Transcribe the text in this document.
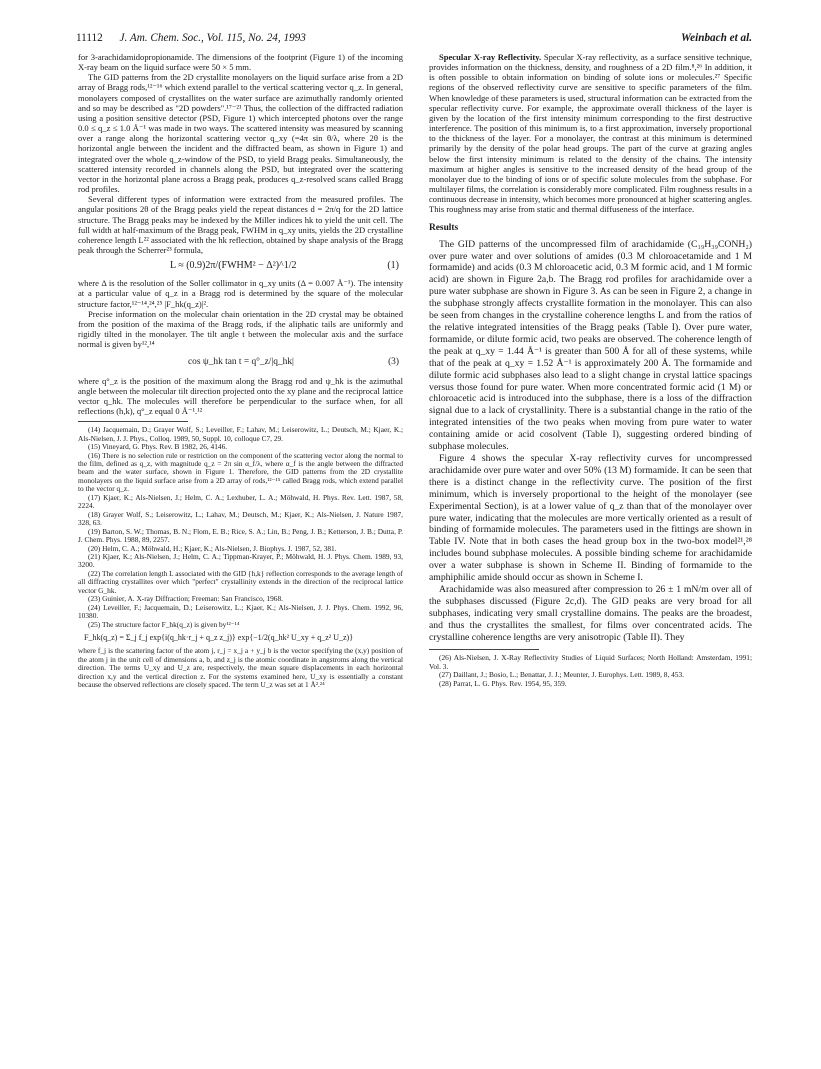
11112 J. Am. Chem. Soc., Vol. 115, No. 24, 1993	Weinbach et al.

for 3-arachidamidopropionamide. The dimensions of the footprint (Figure 1) of the incoming X-ray beam on the liquid surface were 50 × 5 mm.

The GID patterns from the 2D crystallite monolayers on the liquid surface arise from a 2D array of Bragg rods,¹²⁻¹⁶ which extend parallel to the vertical scattering vector q_z. In general, monolayers composed of crystallites on the water surface are azimuthally randomly oriented and so may be described as "2D powders".¹⁷⁻²¹ Thus, the collection of the diffracted radiation using a position sensitive detector (PSD, Figure 1) which intercepted photons over the range 0.0 ≤ q_z ≤ 1.0 Å⁻¹ was made in two ways. The scattered intensity was measured by scanning over a range along the horizontal scattering vector q_xy (=4π sin θ/λ, where 2θ is the horizontal angle between the incident and the diffracted beam, as shown in Figure 1) and integrated over the whole q_z-window of the PSD, to yield Bragg peaks. Simultaneously, the scattered intensity recorded in channels along the PSD, but integrated over the scattering vector in the horizontal plane across a Bragg peak, produces q_z-resolved scans called Bragg rod profiles.

Several different types of information were extracted from the measured profiles. The angular positions 2θ of the Bragg peaks yield the repeat distances d = 2π/q for the 2D lattice structure. The Bragg peaks may be indexed by the Miller indices hk to yield the unit cell. The full width at half-maximum of the Bragg peak, FWHM in q_xy units, yields the 2D crystalline coherence length L²² associated with the hk reflection, obtained by shape analysis of the Bragg peak through the Scherrer²³ formula,

L ≈ (0.9)2π/(FWHM² − Δ²)^1/2	(1)

where Δ is the resolution of the Soller collimator in q_xy units (Δ = 0.007 Å⁻¹). The intensity at a particular value of q_z in a Bragg rod is determined by the square of the molecular structure factor,¹²⁻¹⁴,²⁴,²⁵ |F_hk(q_z)|².

Precise information on the molecular chain orientation in the 2D crystal may be obtained from the position of the maxima of the Bragg rods, if the aliphatic tails are uniformly and rigidly tilted in the monolayer. The tilt angle t between the molecular axis and the surface normal is given by¹²,¹⁴

cos ψ_hk tan t = q°_z/|q_hk|	(3)

where q°_z is the position of the maximum along the Bragg rod and ψ_hk is the azimuthal angle between the molecular tilt direction projected onto the xy plane and the reciprocal lattice vector q_hk. The molecules will therefore be perpendicular to the surface when, for all reflections (h,k), q°_z equal 0 Å⁻¹.¹²

(14) Jacquemain, D.; Grayer Wolf, S.; Leveiller, F.; Lahav, M.; Leiserowitz, L.; Deutsch, M.; Kjaer, K.; Als-Nielsen, J. J. Phys., Colloq. 1989, 50, Suppl. 10, colloque C7, 29.

(15) Vineyard, G. Phys. Rev. B 1982, 26, 4146.

(16) There is no selection rule or restriction on the component of the scattering vector along the normal to the film, defined as q_z, with magnitude q_z = 2π sin α_f/λ, where α_f is the angle between the diffracted beam and the water surface, shown in Figure 1. Therefore, the GID patterns from the 2D crystallite monolayers on the liquid surface arise from a 2D array of rods,¹²⁻¹⁵ called Bragg rods, which extend parallel to the vector q_z.

(17) Kjaer, K.; Als-Nielsen, J.; Helm, C. A.; Lexhuber, L. A.; Möhwald, H. Phys. Rev. Lett. 1987, 58, 2224.

(18) Grayer Wolf, S.; Leiserowitz, L.; Lahav, M.; Deutsch, M.; Kjaer, K.; Als-Nielsen, J. Nature 1987, 328, 63.

(19) Barton, S. W.; Thomas, B. N.; Flom, E. B.; Rice, S. A.; Lin, B.; Peng, J. B.; Ketterson, J. B.; Dutta, P. J. Chem. Phys. 1988, 89, 2257.

(20) Helm, C. A.; Möhwald, H.; Kjaer, K.; Als-Nielsen, J. Biophys. J. 1987, 52, 381.

(21) Kjaer, K.; Als-Nielsen, J.; Helm, C. A.; Tippman-Krayer, P.; Möhwald, H. J. Phys. Chem. 1989, 93, 3200.

(22) The correlation length L associated with the GID {h,k} reflection corresponds to the average length of all diffracting crystallites over which "perfect" crystallinity extends in the direction of the reciprocal lattice vector G_hk.

(23) Guinier, A. X-ray Diffraction; Freeman: San Francisco, 1968.

(24) Leveiller, F.; Jacquemain, D.; Leiserowitz, L.; Kjaer, K.; Als-Nielsen, J. J. Phys. Chem. 1992, 96, 10380.

(25) The structure factor F_hk(q_z) is given by¹²⁻¹⁴

F_hk(q_z) = Σ_j f_j exp{i(q_hk·r_j + q_z z_j)} exp{−1/2(q_hk² U_xy + q_z² U_z)}

where f_j is the scattering factor of the atom j, r_j = x_j a + y_j b is the vector specifying the (x,y) position of the atom j in the unit cell of dimensions a, b, and z_j is the atomic coordinate in angstroms along the vertical direction. The terms U_xy and U_z are, respectively, the mean square displacements in each horizontal direction x,y and the vertical direction z. For the systems examined here, U_xy is essentially a constant because the observed reflections are closely spaced. The term U_z was set at 1 Å².²⁴

Specular X-ray Reflectivity. Specular X-ray reflectivity, as a surface sensitive technique, provides information on the thickness, density, and roughness of a 2D film.⁸,²⁶ In addition, it is often possible to obtain information on binding of solute ions or molecules.²⁷ Specific regions of the observed reflectivity curve are sensitive to specific parameters of the film. When knowledge of these parameters is used, structural information can be extracted from the specular reflectivity curve. For example, the approximate overall thickness of the layer is given by the location of the first intensity minimum corresponding to the first destructive interference. The position of this minimum is, to a first approximation, inversely proportional to the thickness of the layer. For a monolayer, the contrast at this minimum is determined primarily by the density of the polar head groups. The part of the curve at grazing angles below the first intensity minimum is related to the density of the chains. The intensity maximum at higher angles is sensitive to the increased density of the head group of the monolayer due to the binding of ions or of specific solute molecules from the subphase. For multilayer films, the correlation is considerably more complicated. Film roughness results in a continuous decrease in intensity, which becomes more pronounced at higher scattering angles. This roughness may arise from static and thermal diffuseness of the interface.

Results

The GID patterns of the uncompressed film of arachidamide (C₁₉H₃₉CONH₂) over pure water and over solutions of amides (0.3 M chloroacetamide and 1 M formamide) and acids (0.3 M chloroacetic acid, 0.3 M formic acid, and 1 M formic acid) are shown in Figure 2a,b. The Bragg rod profiles for arachidamide over a pure water subphase are shown in Figure 3. As can be seen in Figure 2, a change in the subphase strongly affects crystallite formation in the monolayer. This can also be seen from changes in the crystalline coherence lengths L and from the ratios of the relative integrated intensities of the Bragg peaks (Table I). Over pure water, formamide, or dilute formic acid, two peaks are observed. The coherence length of the peak at q_xy = 1.44 Å⁻¹ is greater than 500 Å for all of these systems, while that of the peak at q_xy = 1.52 Å⁻¹ is approximately 200 Å. The formamide and dilute formic acid subphases also lead to a slight change in crystal lattice spacings versus those found for pure water. When more concentrated formic acid (1 M) or chloroacetic acid is introduced into the subphase, there is a loss of the diffraction signal due to a lack of crystallinity. There is a substantial change in the ratio of the integrated intensities of the two peaks when moving from pure water to water containing amide or acid cosolvent (Table I), suggesting ordered binding of subphase molecules.

Figure 4 shows the specular X-ray reflectivity curves for uncompressed arachidamide over pure water and over 50% (13 M) formamide. It can be seen that there is a distinct change in the reflectivity curve. The position of the first minimum, which is inversely proportional to the height of the monolayer (see Experimental Section), is at a lower value of q_z than that of the monolayer over pure water, indicating that the molecules are more vertically oriented as a result of binding of formamide molecules. The parameters used in the fittings are shown in Table IV. Note that in both cases the head group box in the two-box model²¹,²⁸ includes bound subphase molecules. A possible binding scheme for arachidamide over a water subphase is shown in Scheme II. Binding of formamide to the amphiphilic amide should occur as shown in Scheme I.

Arachidamide was also measured after compression to 26 ± 1 mN/m over all of the subphases discussed (Figure 2c,d). The GID peaks are very broad for all subphases, indicating very small crystalline domains. The peaks are the broadest, and thus the crystallites the smallest, for films over concentrated acids. The crystalline coherence lengths are very anisotropic (Table II). They

(26) Als-Nielsen, J. X-Ray Reflectivity Studies of Liquid Surfaces; North Holland: Amsterdam, 1991; Vol. 3.

(27) Daillant, J.; Bosio, L.; Benattar, J. J.; Meunter, J. Europhys. Lett. 1989, 8, 453.

(28) Parrat, L. G. Phys. Rev. 1954, 95, 359.
